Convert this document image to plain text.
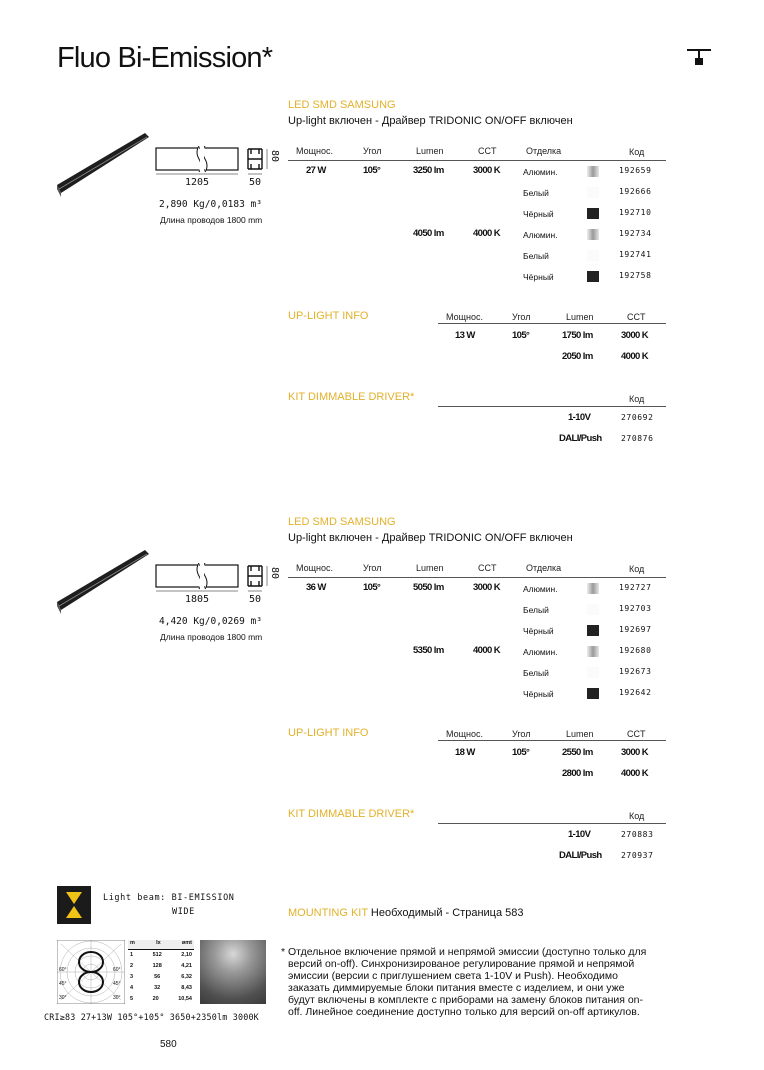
Fluo Bi-Emission*
1205	50
80
2,890 Kg/0,0183 m³
Длина проводов 1800 mm
LED SMD SAMSUNG
Up-light включен - Драйвер TRIDONIC ON/OFF включен
Мощноc.	Угол	Lumen	CCT	Отделка	Код
27 W	105°	3250 lm	3000 K	Алюмин.	192659
Белый	192666
Чёрный	192710
4050 lm	4000 K	Алюмин.	192734
Белый	192741
Чёрный	192758
UP-LIGHT INFO	Мощноc.	Угол	Lumen	CCT
13 W	105°	1750 lm	3000 K
2050 lm	4000 K
KIT DIMMABLE DRIVER*	Код
1-10V	270692
DALI/Push 270876
1805	50
80
4,420 Kg/0,0269 m³
Длина проводов 1800 mm
LED SMD SAMSUNG
Up-light включен - Драйвер TRIDONIC ON/OFF включен
Мощноc.	Угол	Lumen	CCT	Отделка	Код
36 W	105°	5050 lm	3000 K	Алюмин.	192727
Белый	192703
Чёрный	192697
5350 lm	4000 K	Алюмин.	192680
Белый	192673
Чёрный	192642
UP-LIGHT INFO	Мощноc.	Угол	Lumen	CCT
18 W	105°	2550 lm	3000 K
2800 lm	4000 K
KIT DIMMABLE DRIVER*	Код
1-10V	270883
DALI/Push 270937
Light beam: BI-EMISSION
WIDE	MOUNTING KIT Необходимый - Страница 583
60°
45°
30°
60°
45°
30°
m	lx	ømt
1	512	2,10
2	128	4,21
3	56	6,32
4	32	8,43
5	20	10,54
CRI≥83 27+13W 105°+105° 3650+2350lm 3000K
* Отдельное включение прямой и непрямой эмиссии (доступно только для
версий on-off). Синхронизированое регулирование прямой и непрямой
эмиссии (версии с приглушением света 1-10V и Push). Необходимо
заказать диммируемые блоки питания вместе с изделием, и они уже
будут включены в комплекте с приборами на замену блоков питания on-
off. Линейное соединение доступно только для версий on-off артикулов.
580
